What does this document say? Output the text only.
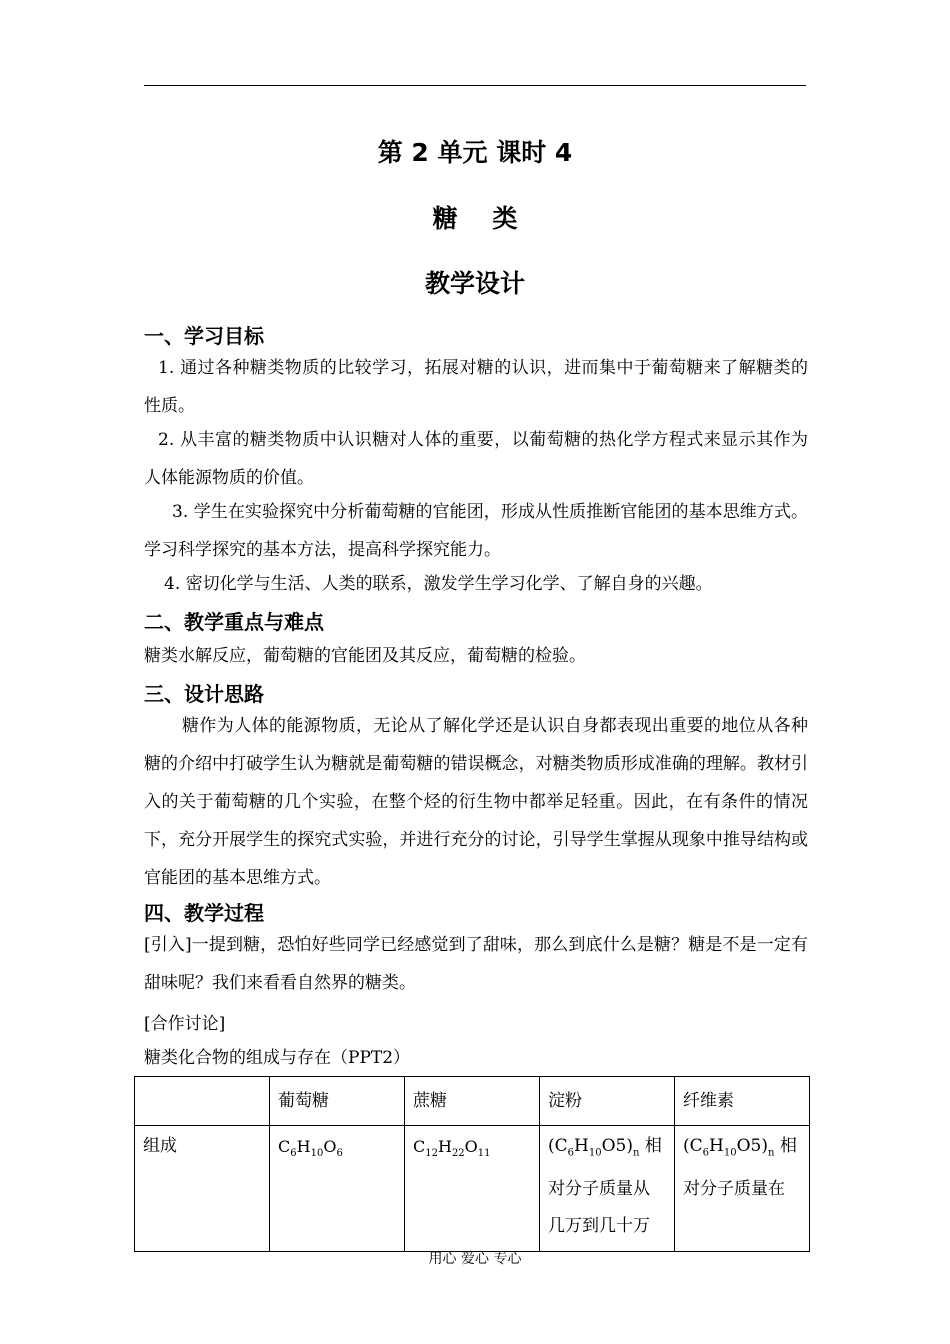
第 2 单元 课时 4
糖    类
教学设计
一、学习目标

1. 通过各种糖类物质的比较学习，拓展对糖的认识，进而集中于葡萄糖来了解糖类的性质。

2. 从丰富的糖类物质中认识糖对人体的重要，以葡萄糖的热化学方程式来显示其作为人体能源物质的价值。

3. 学生在实验探究中分析葡萄糖的官能团，形成从性质推断官能团的基本思维方式。学习科学探究的基本方法，提高科学探究能力。

4. 密切化学与生活、人类的联系，激发学生学习化学、了解自身的兴趣。

二、教学重点与难点

糖类水解反应，葡萄糖的官能团及其反应，葡萄糖的检验。

三、设计思路

糖作为人体的能源物质，无论从了解化学还是认识自身都表现出重要的地位从各种糖的介绍中打破学生认为糖就是葡萄糖的错误概念，对糖类物质形成准确的理解。教材引入的关于葡萄糖的几个实验，在整个烃的衍生物中都举足轻重。因此，在有条件的情况下，充分开展学生的探究式实验，并进行充分的讨论，引导学生掌握从现象中推导结构或官能团的基本思维方式。

四、教学过程

[引入]一提到糖，恐怕好些同学已经感觉到了甜味，那么到底什么是糖？糖是不是一定有甜味呢？我们来看看自然界的糖类。

[合作讨论]
糖类化合物的组成与存在（PPT2）
	葡萄糖	蔗糖	淀粉	纤维素
组成	$C_6H_{10}O_6$	$C_{12}H_{22}O_{11}$	$(C_6H_{10}O5)_n$ 相对分子质量从几万到几十万	$(C_6H_{10}O5)_n$ 相对分子质量在
用心 爱心 专心
